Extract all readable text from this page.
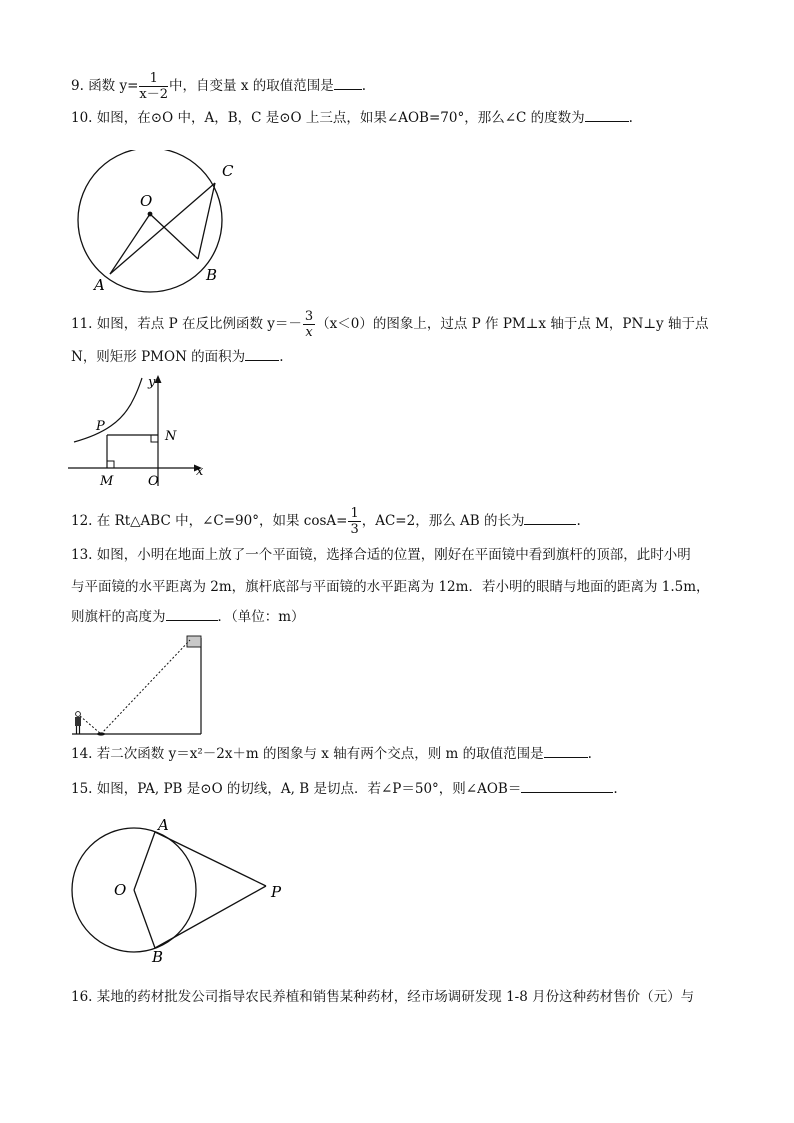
9. 函数 $y= \frac{1}{x-2}$ 中，自变量 x 的取值范围是 .
10. 如图，在⊙O 中，A，B，C 是⊙O 上三点，如果∠AOB=70°，那么∠C 的度数为	.
O
A
B
C
11. 如图，若点 P 在反比例函数 $y=- \frac{3}{x} (x<0)$的图象上，过点 P 作 PM⊥x 轴于点 M，PN⊥y 轴于点
N，则矩形 PMON 的面积为	.
y
x
P
N
M	O
12. 在 Rt△ABC 中，∠C=90°，如果 $\cos A= \frac{1}{3}$ ，AC=2，那么 AB 的长为	.
13. 如图，小明在地面上放了一个平面镜，选择合适的位置，刚好在平面镜中看到旗杆的顶部，此时小明
与平面镜的水平距离为 2m，旗杆底部与平面镜的水平距离为 12m．若小明的眼睛与地面的距离为 1.5m，
则旗杆的高度为	．（单位：m）
14. 若二次函数 y＝x²－2x＋m 的图象与 x 轴有两个交点，则 m 的取值范围是	.
15. 如图，PA, PB 是⊙O 的切线，A, B 是切点．若∠P＝50°，则∠AOB＝	.
A
O	P
B
16. 某地的药材批发公司指导农民养植和销售某种药材，经市场调研发现 1-8 月份这种药材售价（元）与
